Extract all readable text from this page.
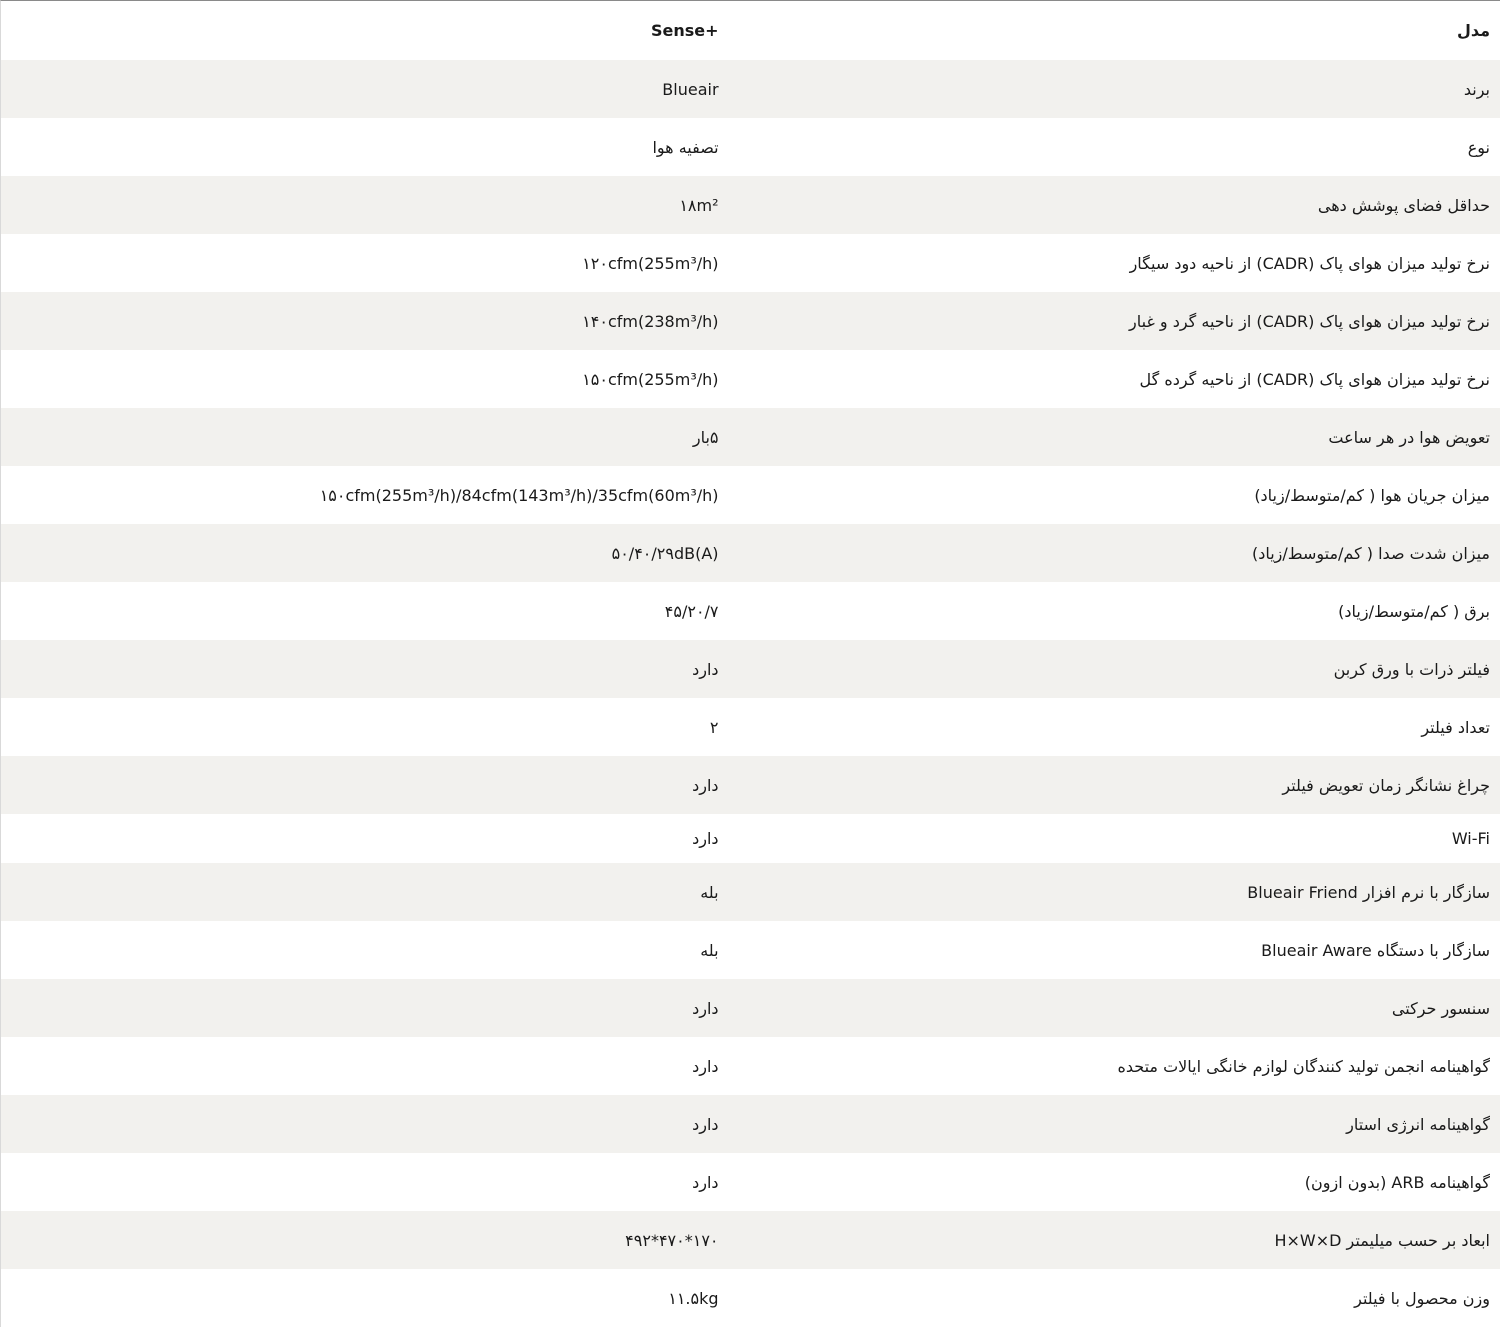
مدل
Sense+
برند
Blueair
نوع
تصفیه هوا
حداقل فضای پوشش دهی
۱۸m²
نرخ تولید میزان هوای پاک (CADR) از ناحیه دود سیگار
۱۲۰cfm(255m³/h)
نرخ تولید میزان هوای پاک (CADR) از ناحیه گرد و غبار
۱۴۰cfm(238m³/h)
نرخ تولید میزان هوای پاک (CADR) از ناحیه گرده گل
۱۵۰cfm(255m³/h)
تعویض هوا در هر ساعت
۵بار
میزان جریان هوا ( کم/متوسط/زیاد)
۱۵۰cfm(255m³/h)/84cfm(143m³/h)/35cfm(60m³/h)
میزان شدت صدا ( کم/متوسط/زیاد)
۵۰/۴۰/۲۹dB(A)
برق ( کم/متوسط/زیاد)
۴۵/۲۰/۷
فیلتر ذرات با ورق کربن
دارد
تعداد فیلتر
۲
چراغ نشانگر زمان تعویض فیلتر
دارد
Wi-Fi
دارد
سازگار با نرم افزار Blueair Friend
بله
سازگار با دستگاه Blueair Aware
بله
سنسور حرکتی
دارد
گواهینامه انجمن تولید کنندگان لوازم خانگی ایالات متحده
دارد
گواهینامه انرژی استار
دارد
گواهینامه ARB (بدون ازون)
دارد
ابعاد بر حسب میلیمتر H×W×D
۴۹۲*۴۷۰*۱۷۰
وزن محصول با فیلتر
۱۱.۵kg
